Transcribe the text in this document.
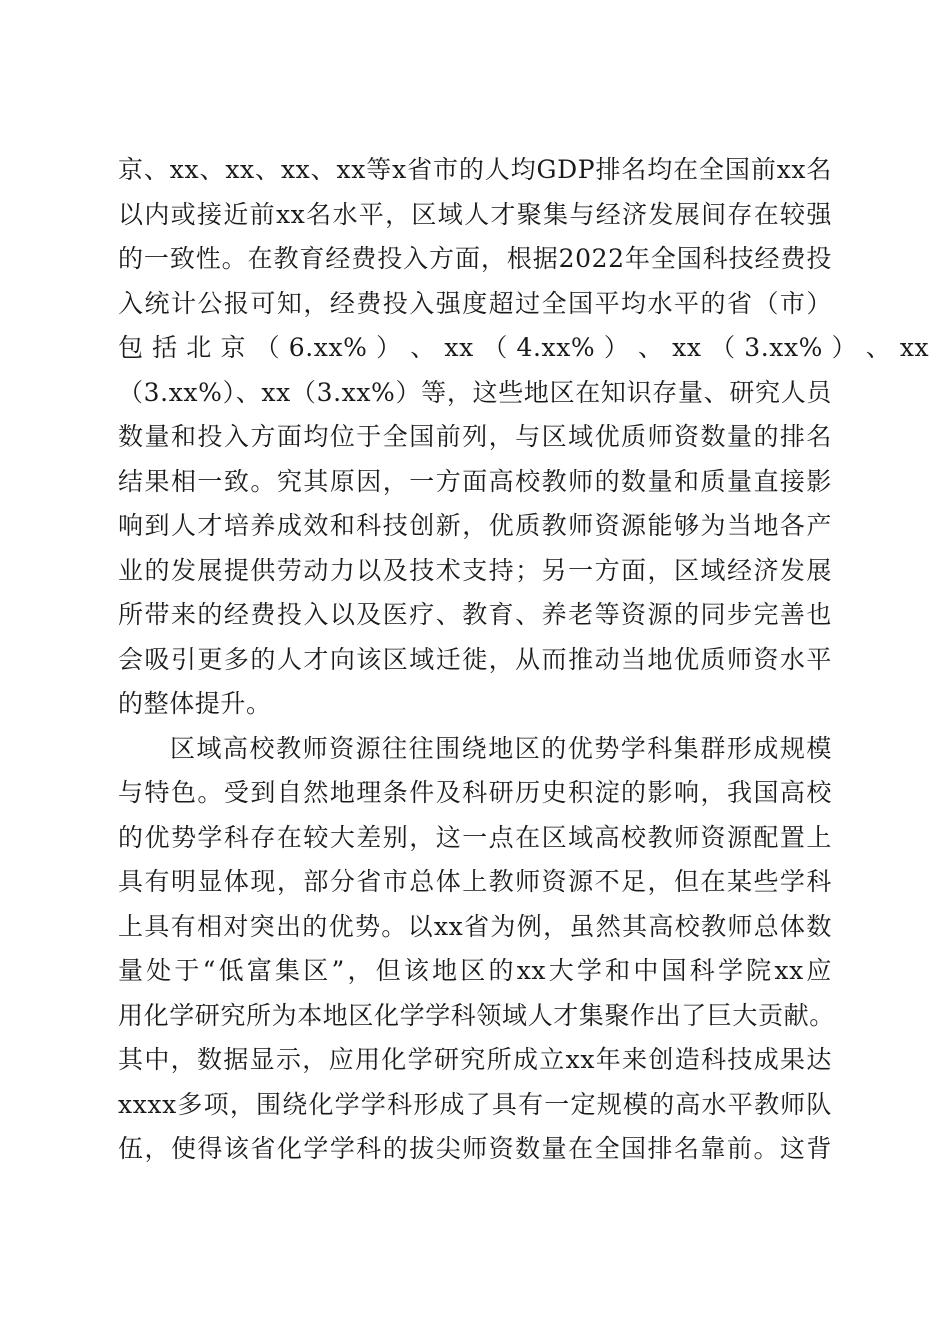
京、xx、xx、xx、xx等x省市的人均GDP排名均在全国前xx名
以内或接近前xx名水平，区域人才聚集与经济发展间存在较强
的一致性。在教育经费投入方面，根据2022年全国科技经费投
入统计公报可知，经费投入强度超过全国平均水平的省（市）
包 括 北 京 （ 6.xx% ） 、 xx （ 4.xx% ） 、 xx （ 3.xx% ） 、 xx
（3.xx%）、xx（3.xx%）等，这些地区在知识存量、研究人员
数量和投入方面均位于全国前列，与区域优质师资数量的排名
结果相一致。究其原因，一方面高校教师的数量和质量直接影
响到人才培养成效和科技创新，优质教师资源能够为当地各产
业的发展提供劳动力以及技术支持；另一方面，区域经济发展
所带来的经费投入以及医疗、教育、养老等资源的同步完善也
会吸引更多的人才向该区域迁徙，从而推动当地优质师资水平
的整体提升。
区域高校教师资源往往围绕地区的优势学科集群形成规模
与特色。受到自然地理条件及科研历史积淀的影响，我国高校
的优势学科存在较大差别，这一点在区域高校教师资源配置上
具有明显体现，部分省市总体上教师资源不足，但在某些学科
上具有相对突出的优势。以xx省为例，虽然其高校教师总体数
量处于“低富集区”，但该地区的xx大学和中国科学院xx应
用化学研究所为本地区化学学科领域人才集聚作出了巨大贡献。
其中，数据显示，应用化学研究所成立xx年来创造科技成果达
xxxx多项，围绕化学学科形成了具有一定规模的高水平教师队
伍，使得该省化学学科的拔尖师资数量在全国排名靠前。这背
